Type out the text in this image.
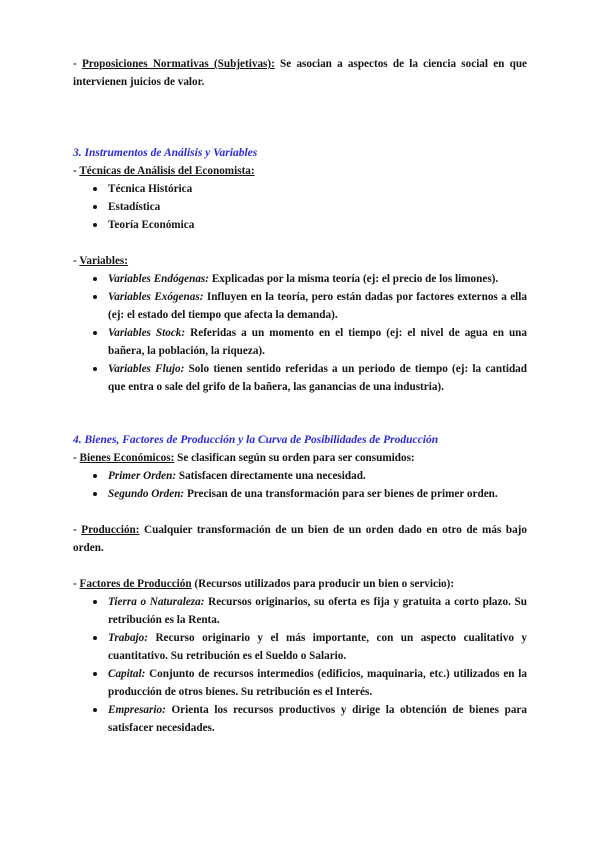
- Proposiciones Normativas (Subjetivas): Se asocian a aspectos de la ciencia social en que intervienen juicios de valor.

3. Instrumentos de Análisis y Variables

- Técnicas de Análisis del Economista:

Técnica Histórica
Estadística
Teoría Económica

- Variables:

Variables Endógenas: Explicadas por la misma teoría (ej: el precio de los limones).
Variables Exógenas: Influyen en la teoría, pero están dadas por factores externos a ella (ej: el estado del tiempo que afecta la demanda).
Variables Stock: Referidas a un momento en el tiempo (ej: el nivel de agua en una bañera, la población, la riqueza).
Variables Flujo: Solo tienen sentido referidas a un periodo de tiempo (ej: la cantidad que entra o sale del grifo de la bañera, las ganancias de una industria).
4. Bienes, Factores de Producción y la Curva de Posibilidades de Producción

- Bienes Económicos: Se clasifican según su orden para ser consumidos:

Primer Orden: Satisfacen directamente una necesidad.
Segundo Orden: Precisan de una transformación para ser bienes de primer orden.

- Producción: Cualquier transformación de un bien de un orden dado en otro de más bajo orden.

- Factores de Producción (Recursos utilizados para producir un bien o servicio):

Tierra o Naturaleza: Recursos originarios, su oferta es fija y gratuita a corto plazo. Su retribución es la Renta.
Trabajo: Recurso originario y el más importante, con un aspecto cualitativo y cuantitativo. Su retribución es el Sueldo o Salario.
Capital: Conjunto de recursos intermedios (edificios, maquinaria, etc.) utilizados en la producción de otros bienes. Su retribución es el Interés.
Empresario: Orienta los recursos productivos y dirige la obtención de bienes para satisfacer necesidades.
